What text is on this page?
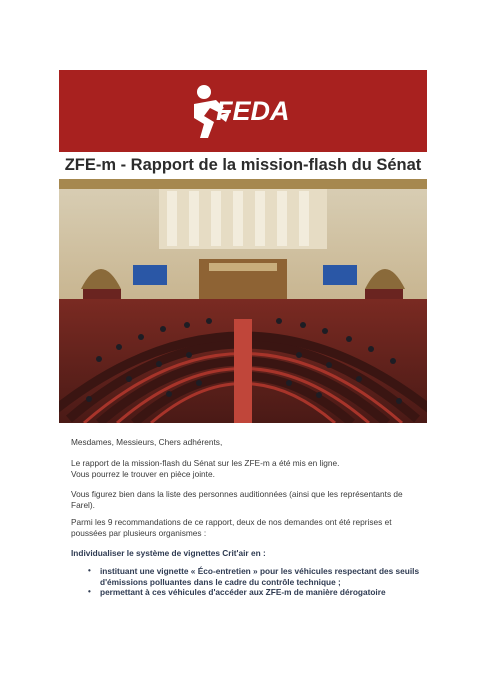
FEDA
ZFE-m - Rapport de la mission-flash du Sénat
Mesdames, Messieurs, Chers adhérents,
Le rapport de la mission-flash du Sénat sur les ZFE-m a été mis en ligne.
Vous pourrez le trouver en pièce jointe.
Vous figurez bien dans la liste des personnes auditionnées (ainsi que les représentants de Farel).
Parmi les 9 recommandations de ce rapport, deux de nos demandes ont été reprises et poussées par plusieurs organismes :
Individualiser le système de vignettes Crit'air en :
• instituant une vignette « Éco-entretien » pour les véhicules respectant des seuils d'émissions polluantes dans le cadre du contrôle technique ;
• permettant à ces véhicules d'accéder aux ZFE-m de manière dérogatoire
